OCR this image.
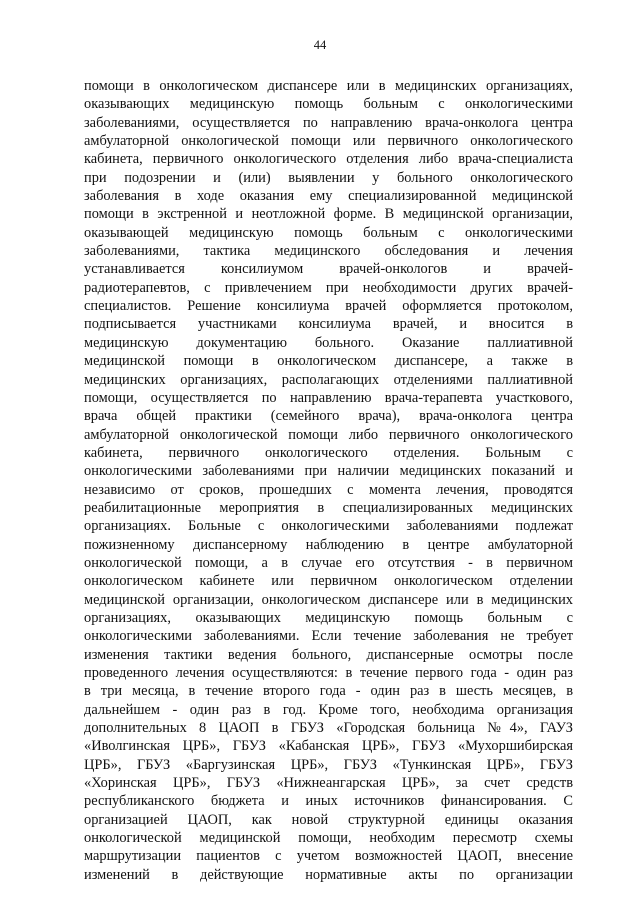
44
помощи в онкологическом диспансере или в медицинских организациях,
оказывающих медицинскую помощь больным с онкологическими
заболеваниями, осуществляется по направлению врача-онколога центра
амбулаторной онкологической помощи или первичного онкологического
кабинета, первичного онкологического отделения либо врача-специалиста
при подозрении и (или) выявлении у больного онкологического
заболевания в ходе оказания ему специализированной медицинской
помощи в экстренной и неотложной форме. В медицинской организации,
оказывающей медицинскую помощь больным с онкологическими
заболеваниями, тактика медицинского обследования и лечения
устанавливается консилиумом врачей-онкологов и врачей-
радиотерапевтов, с привлечением при необходимости других врачей-
специалистов. Решение консилиума врачей оформляется протоколом,
подписывается участниками консилиума врачей, и вносится в
медицинскую документацию больного. Оказание паллиативной
медицинской помощи в онкологическом диспансере, а также в
медицинских организациях, располагающих отделениями паллиативной
помощи, осуществляется по направлению врача-терапевта участкового,
врача общей практики (семейного врача), врача-онколога центра
амбулаторной онкологической помощи либо первичного онкологического
кабинета, первичного онкологического отделения. Больным с
онкологическими заболеваниями при наличии медицинских показаний и
независимо от сроков, прошедших с момента лечения, проводятся
реабилитационные мероприятия в специализированных медицинских
организациях. Больные с онкологическими заболеваниями подлежат
пожизненному диспансерному наблюдению в центре амбулаторной
онкологической помощи, а в случае его отсутствия - в первичном
онкологическом кабинете или первичном онкологическом отделении
медицинской организации, онкологическом диспансере или в медицинских
организациях, оказывающих медицинскую помощь больным с
онкологическими заболеваниями. Если течение заболевания не требует
изменения тактики ведения больного, диспансерные осмотры после
проведенного лечения осуществляются: в течение первого года - один раз
в три месяца, в течение второго года - один раз в шесть месяцев, в
дальнейшем - один раз в год. Кроме того, необходима организация
дополнительных 8 ЦАОП в ГБУЗ «Городская больница №4», ГАУЗ
«Иволгинская ЦРБ», ГБУЗ «Кабанская ЦРБ», ГБУЗ «Мухоршибирская
ЦРБ», ГБУЗ «Баргузинская ЦРБ», ГБУЗ «Тункинская ЦРБ», ГБУЗ
«Хоринская ЦРБ», ГБУЗ «Нижнеангарская ЦРБ», за счет средств
республиканского бюджета и иных источников финансирования. С
организацией ЦАОП, как новой структурной единицы оказания
онкологической медицинской помощи, необходим пересмотр схемы
маршрутизации пациентов с учетом возможностей ЦАОП, внесение
изменений в действующие нормативные акты по организации
